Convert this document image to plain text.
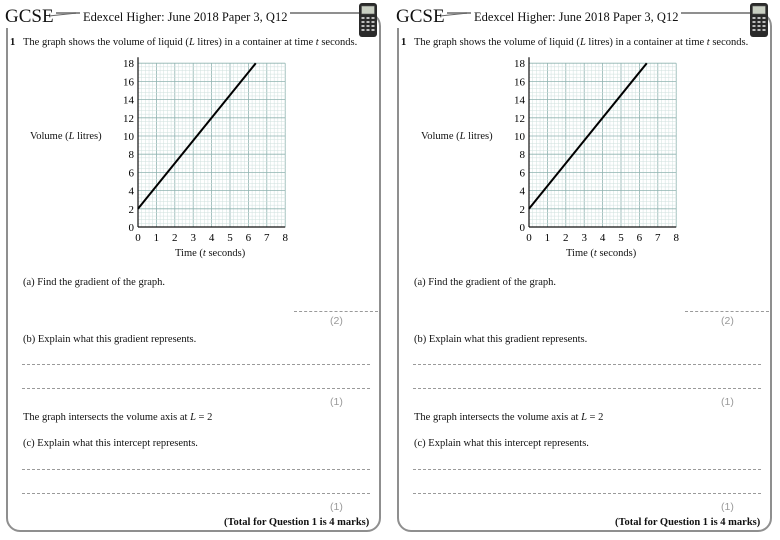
GCSE Edexcel Higher: June 2018 Paper 3, Q12
1 The graph shows the volume of liquid (L litres) in a container at time t seconds.
0 1 2 3 4 5 6 7 8
2
4
6
8
10
12
14
16
18
0
Volume (L litres)
Time (t seconds)
(a) Find the gradient of the graph.
(2)
(b) Explain what this gradient represents.
(1)
The graph intersects the volume axis at L = 2
(c) Explain what this intercept represents.
(1)
(Total for Question 1 is 4 marks)
GCSE Edexcel Higher: June 2018 Paper 3, Q12
1 The graph shows the volume of liquid (L litres) in a container at time t seconds.
0 1 2 3 4 5 6 7 8
2
4
6
8
10
12
14
16
18
0
Volume (L litres)
Time (t seconds)
(a) Find the gradient of the graph.
(2)
(b) Explain what this gradient represents.
(1)
The graph intersects the volume axis at L = 2
(c) Explain what this intercept represents.
(1)
(Total for Question 1 is 4 marks)
